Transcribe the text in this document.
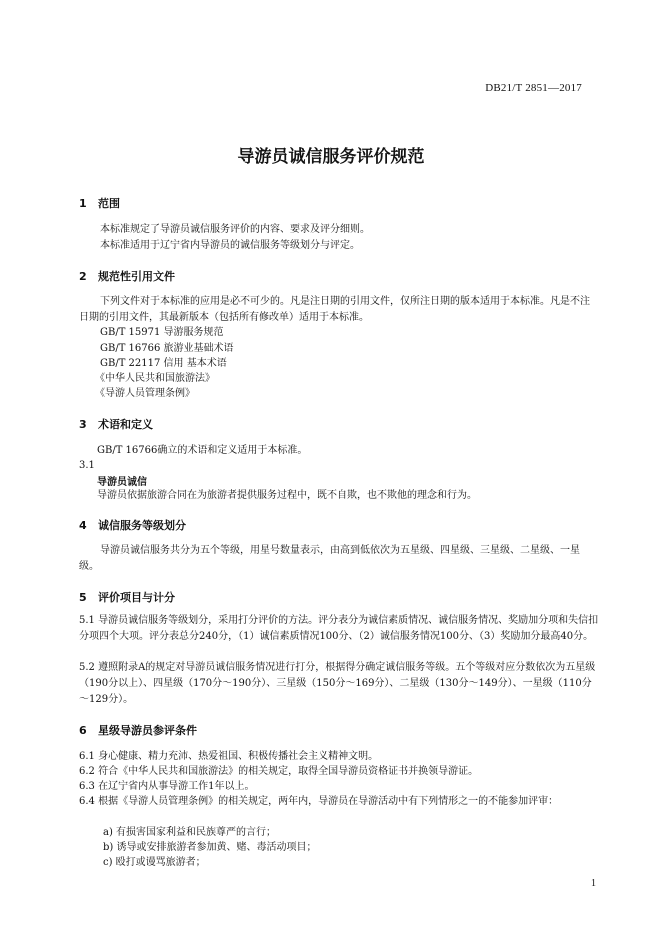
DB21/T 2851—2017
导游员诚信服务评价规范
1 范围
本标准规定了导游员诚信服务评价的内容、要求及评分细则。
本标准适用于辽宁省内导游员的诚信服务等级划分与评定。
2 规范性引用文件
下列文件对于本标准的应用是必不可少的。凡是注日期的引用文件，仅所注日期的版本适用于本标准。凡是不注日期的引用文件，其最新版本（包括所有修改单）适用于本标准。
GB/T 15971 导游服务规范
GB/T 16766 旅游业基础术语
GB/T 22117 信用 基本术语
《中华人民共和国旅游法》
《导游人员管理条例》
3 术语和定义
GB/T 16766确立的术语和定义适用于本标准。
3.1
导游员诚信
导游员依据旅游合同在为旅游者提供服务过程中，既不自欺，也不欺他的理念和行为。
4 诚信服务等级划分
导游员诚信服务共分为五个等级，用星号数量表示，由高到低依次为五星级、四星级、三星级、二星级、一星级。
5 评价项目与计分
5.1 导游员诚信服务等级划分，采用打分评价的方法。评分表分为诚信素质情况、诚信服务情况、奖励加分项和失信扣分项四个大项。评分表总分240分，（1）诚信素质情况100分、（2）诚信服务情况100分、（3）奖励加分最高40分。
5.2 遵照附录A的规定对导游员诚信服务情况进行打分，根据得分确定诚信服务等级。五个等级对应分数依次为五星级（190分以上）、四星级（170分～190分）、三星级（150分～169分）、二星级（130分～149分）、一星级（110分～129分）。
6 星级导游员参评条件
6.1 身心健康、精力充沛、热爱祖国、积极传播社会主义精神文明。
6.2 符合《中华人民共和国旅游法》的相关规定，取得全国导游员资格证书并换领导游证。
6.3 在辽宁省内从事导游工作1年以上。
6.4 根据《导游人员管理条例》的相关规定，两年内，导游员在导游活动中有下列情形之一的不能参加评审：
a) 有损害国家利益和民族尊严的言行；
b) 诱导或安排旅游者参加黄、赌、毒活动项目；
c) 殴打或谩骂旅游者；
1
